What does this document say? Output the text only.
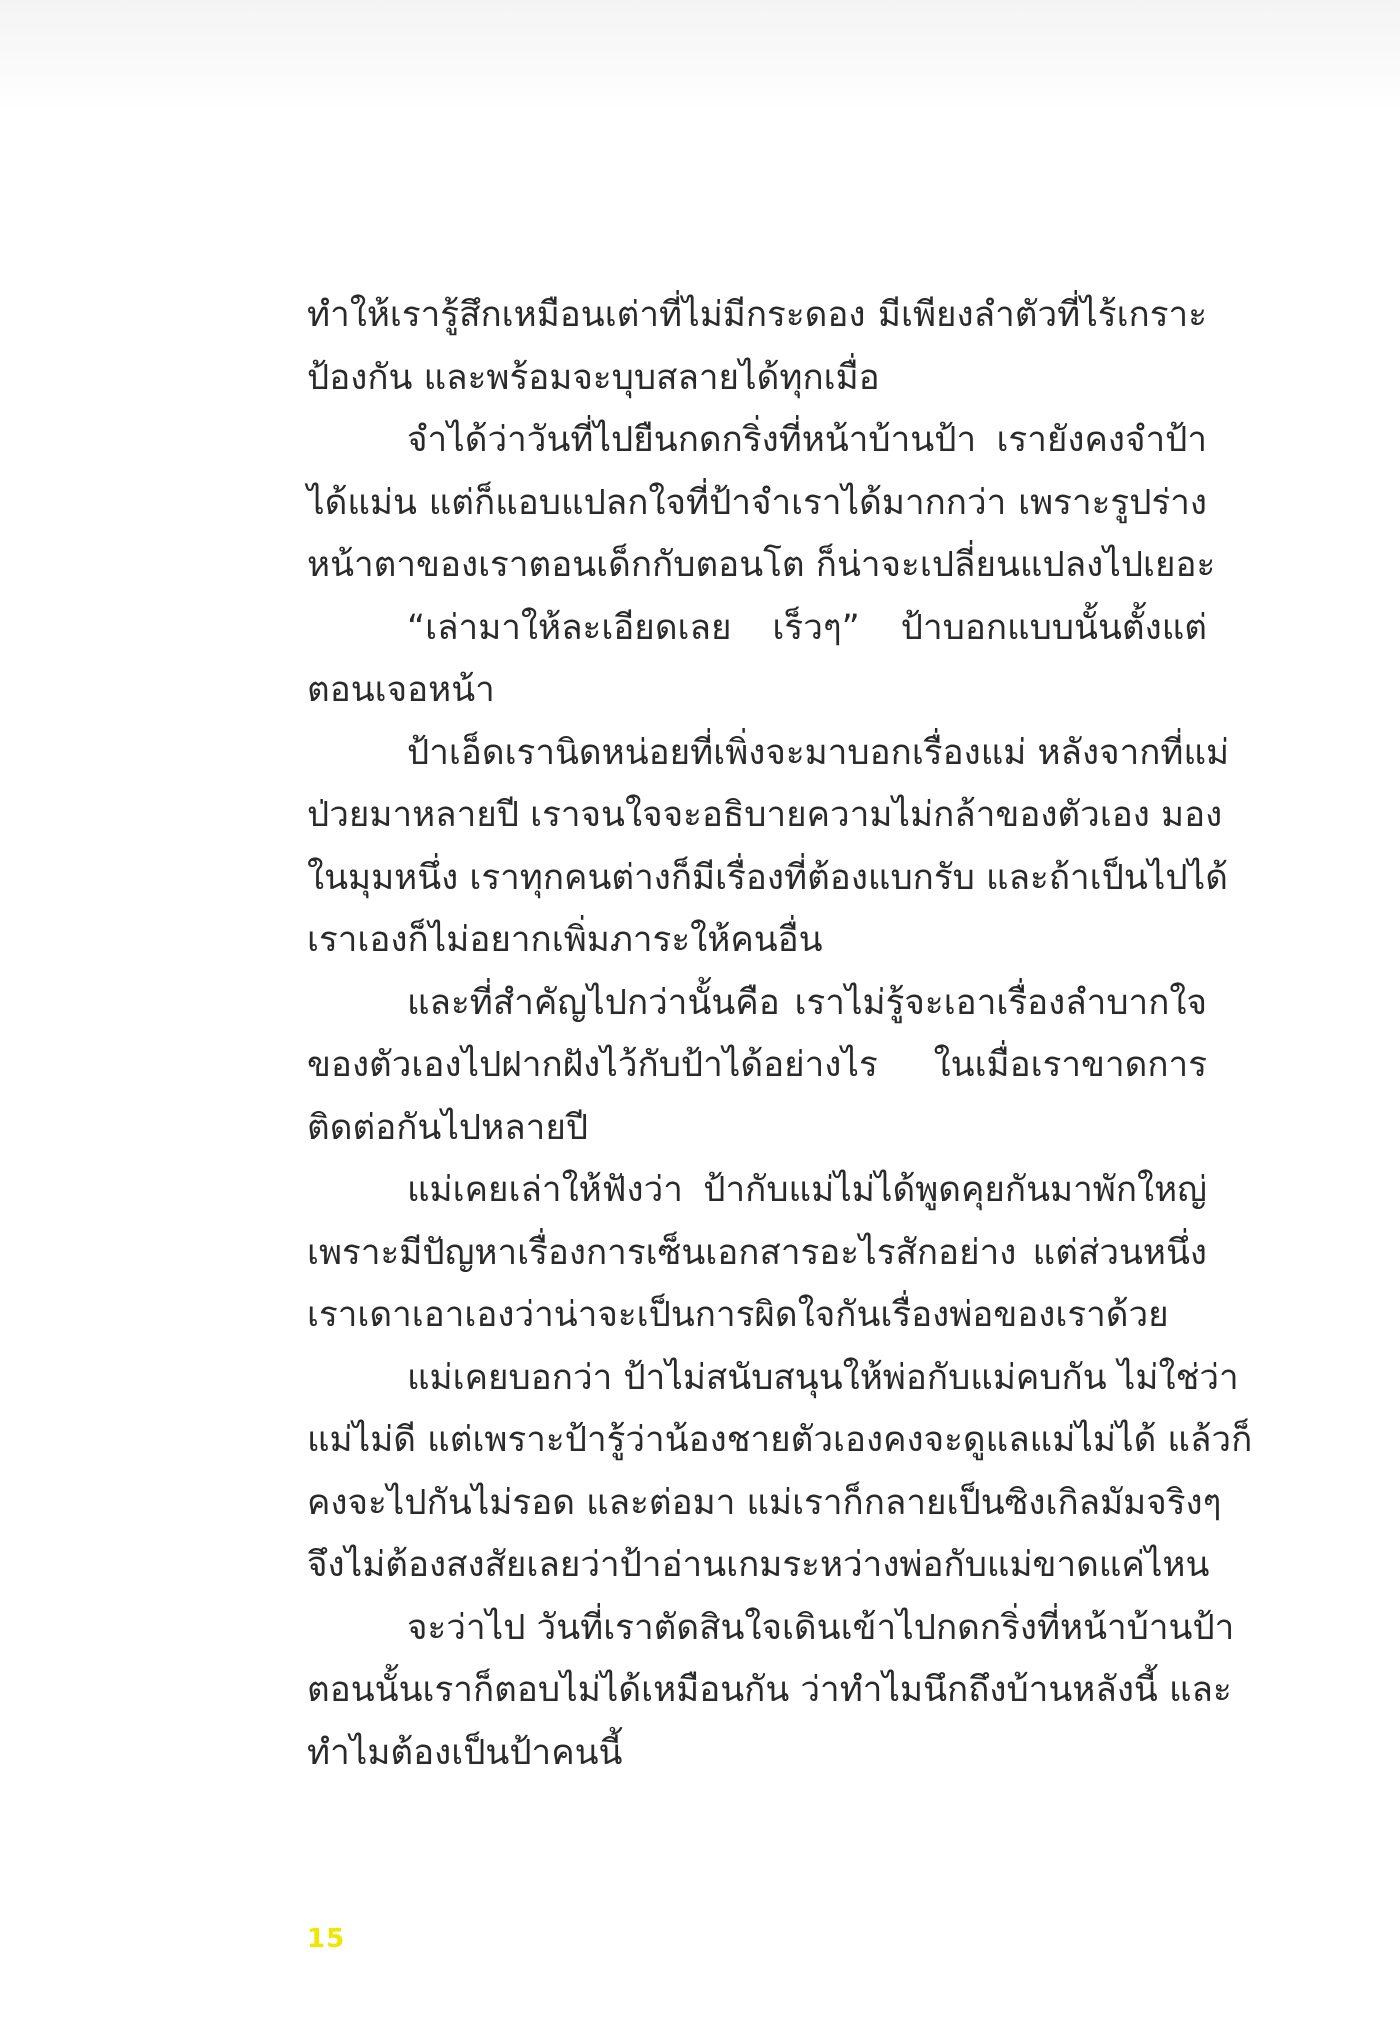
ทำให้เรารู้สึกเหมือนเต่าที่ไม่มีกระดอง มีเพียงลำตัวที่ไร้เกราะ
ป้องกัน และพร้อมจะบุบสลายได้ทุกเมื่อ
จำได้ว่าวันที่ไปยืนกดกริ่งที่หน้าบ้านป้า เรายังคงจำป้า
ได้แม่น แต่ก็แอบแปลกใจที่ป้าจำเราได้มากกว่า เพราะรูปร่าง
หน้าตาของเราตอนเด็กกับตอนโต ก็น่าจะเปลี่ยนแปลงไปเยอะ
“เล่ามาให้ละเอียดเลย เร็วๆ” ป้าบอกแบบนั้นตั้งแต่
ตอนเจอหน้า
ป้าเอ็ดเรานิดหน่อยที่เพิ่งจะมาบอกเรื่องแม่ หลังจากที่แม่
ป่วยมาหลายปี เราจนใจจะอธิบายความไม่กล้าของตัวเอง มอง
ในมุมหนึ่ง เราทุกคนต่างก็มีเรื่องที่ต้องแบกรับ และถ้าเป็นไปได้
เราเองก็ไม่อยากเพิ่มภาระให้คนอื่น
และที่สำคัญไปกว่านั้นคือ เราไม่รู้จะเอาเรื่องลำบากใจ
ของตัวเองไปฝากฝังไว้กับป้าได้อย่างไร ในเมื่อเราขาดการ
ติดต่อกันไปหลายปี
แม่เคยเล่าให้ฟังว่า ป้ากับแม่ไม่ได้พูดคุยกันมาพักใหญ่
เพราะมีปัญหาเรื่องการเซ็นเอกสารอะไรสักอย่าง แต่ส่วนหนึ่ง
เราเดาเอาเองว่าน่าจะเป็นการผิดใจกันเรื่องพ่อของเราด้วย
แม่เคยบอกว่า ป้าไม่สนับสนุนให้พ่อกับแม่คบกัน ไม่ใช่ว่า
แม่ไม่ดี แต่เพราะป้ารู้ว่าน้องชายตัวเองคงจะดูแลแม่ไม่ได้ แล้วก็
คงจะไปกันไม่รอด และต่อมา แม่เราก็กลายเป็นซิงเกิลมัมจริงๆ
จึงไม่ต้องสงสัยเลยว่าป้าอ่านเกมระหว่างพ่อกับแม่ขาดแค่ไหน
จะว่าไป วันที่เราตัดสินใจเดินเข้าไปกดกริ่งที่หน้าบ้านป้า
ตอนนั้นเราก็ตอบไม่ได้เหมือนกัน ว่าทำไมนึกถึงบ้านหลังนี้ และ
ทำไมต้องเป็นป้าคนนี้
15
